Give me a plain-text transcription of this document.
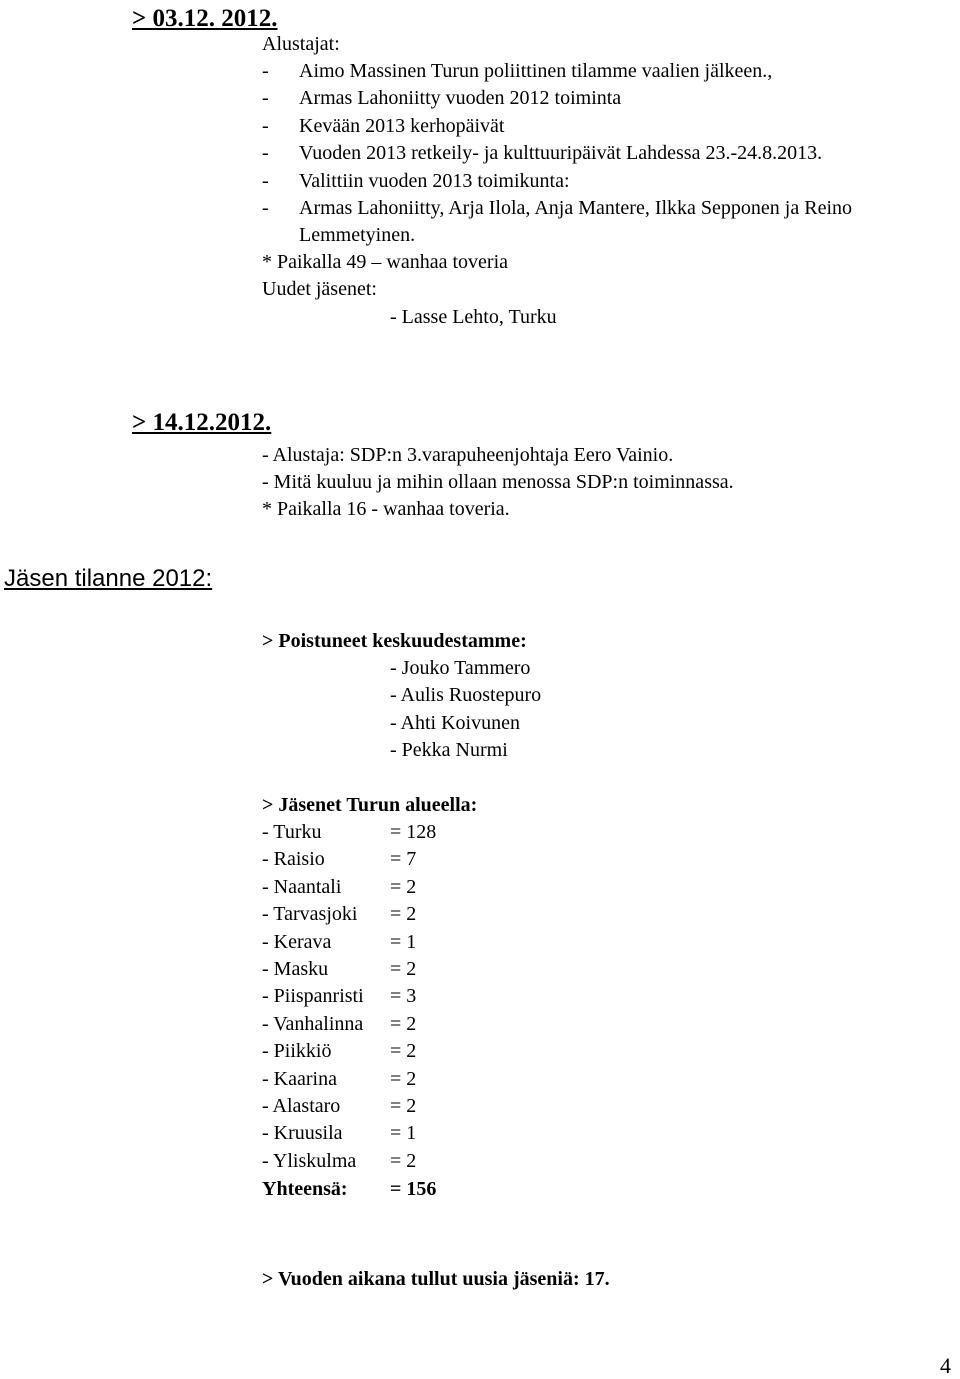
> 03.12. 2012.
Alustajat:
- Aimo Massinen Turun poliittinen tilamme vaalien jälkeen.,
- Armas Lahoniitty vuoden 2012 toiminta
- Kevään 2013 kerhopäivät
- Vuoden 2013 retkeily- ja kulttuuripäivät Lahdessa 23.-24.8.2013.
- Valittiin vuoden 2013 toimikunta:
- Armas Lahoniitty, Arja Ilola, Anja Mantere, Ilkka Sepponen ja Reino
Lemmetyinen.
* Paikalla 49 – wanhaa toveria
Uudet jäsenet:
- Lasse Lehto, Turku
> 14.12.2012.
- Alustaja: SDP:n 3.varapuheenjohtaja Eero Vainio.
- Mitä kuuluu ja mihin ollaan menossa SDP:n toiminnassa.
* Paikalla 16 - wanhaa toveria.
Jäsen tilanne 2012:
> Poistuneet keskuudestamme:
- Jouko Tammero
- Aulis Ruostepuro
- Ahti Koivunen
- Pekka Nurmi
> Jäsenet Turun alueella:
- Turku	= 128
- Raisio	= 7
- Naantali = 2
- Tarvasjoki = 2
- Kerava	= 1
- Masku	= 2
- Piispanristi = 3
- Vanhalinna = 2
- Piikkiö	= 2
- Kaarina	= 2
- Alastaro = 2
- Kruusila = 1
- Yliskulma = 2
Yhteensä: = 156
> Vuoden aikana tullut uusia jäseniä: 17.
4
